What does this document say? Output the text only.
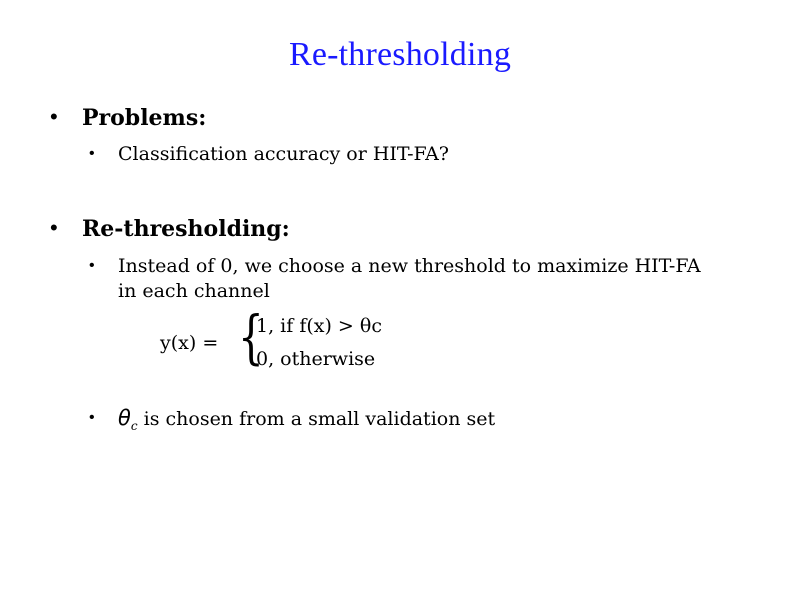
Re-thresholding
• Problems:
• Classification accuracy or HIT-FA?
• Re-thresholding:
• Instead of 0, we choose a new threshold to maximize HIT-FA in each channel
y(x) = {
1, if f(x) > θc
0, otherwise
• $\theta_c$ is chosen from a small validation set
